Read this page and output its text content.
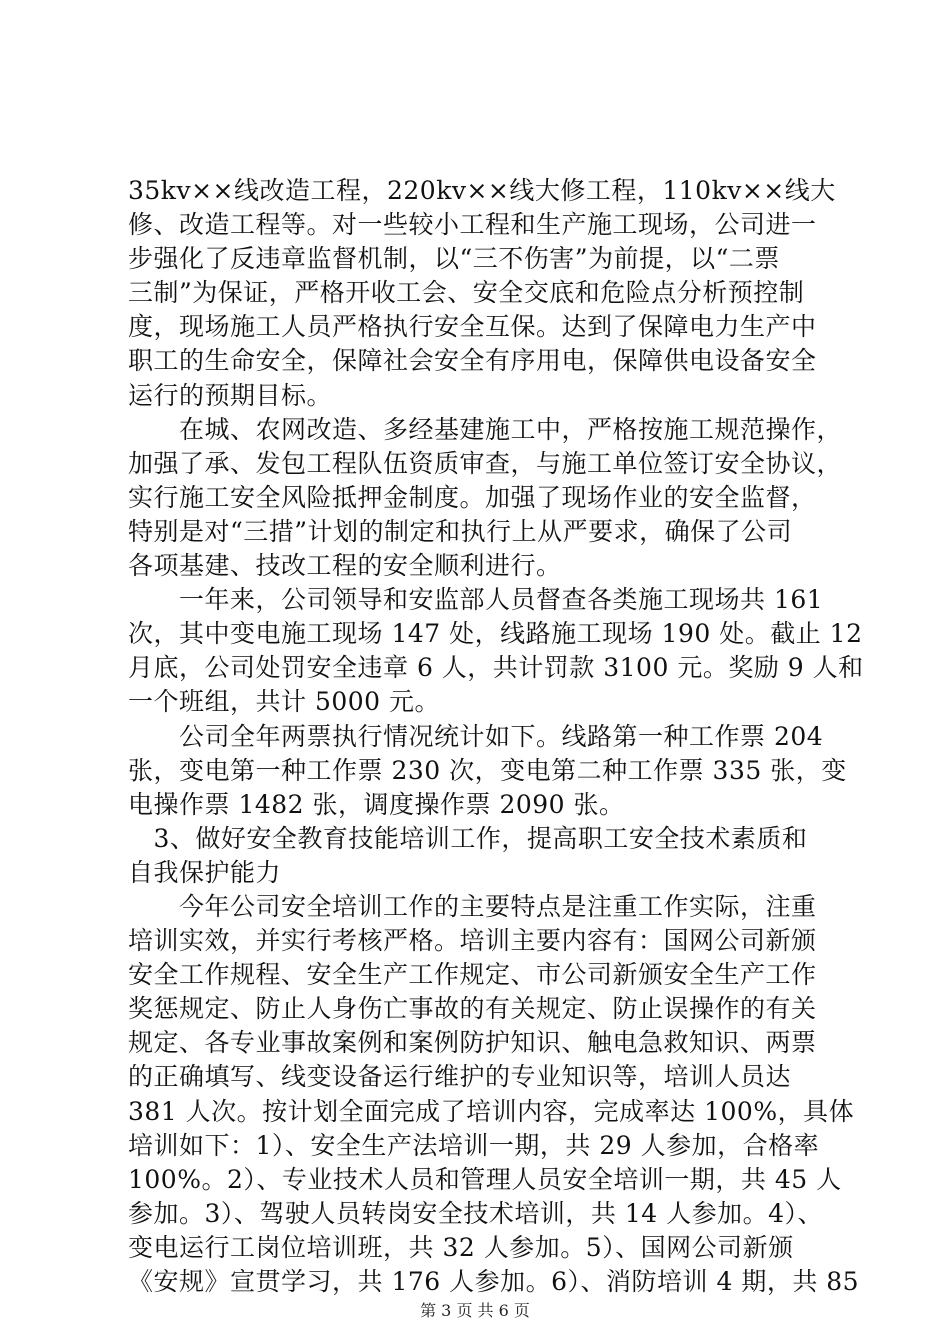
35kv××线改造工程，220kv××线大修工程，110kv××线大
修、改造工程等。对一些较小工程和生产施工现场，公司进一
步强化了反违章监督机制，以“三不伤害”为前提，以“二票
三制”为保证，严格开收工会、安全交底和危险点分析预控制
度，现场施工人员严格执行安全互保。达到了保障电力生产中
职工的生命安全，保障社会安全有序用电，保障供电设备安全
运行的预期目标。
　　在城、农网改造、多经基建施工中，严格按施工规范操作，
加强了承、发包工程队伍资质审查，与施工单位签订安全协议，
实行施工安全风险抵押金制度。加强了现场作业的安全监督，
特别是对“三措”计划的制定和执行上从严要求，确保了公司
各项基建、技改工程的安全顺利进行。
　　一年来，公司领导和安监部人员督查各类施工现场共 161
次，其中变电施工现场 147 处，线路施工现场 190 处。截止 12
月底，公司处罚安全违章 6 人，共计罚款 3100 元。奖励 9 人和
一个班组，共计 5000 元。
　　公司全年两票执行情况统计如下。线路第一种工作票 204
张，变电第一种工作票 230 次，变电第二种工作票 335 张，变
电操作票 1482 张，调度操作票 2090 张。
　3、做好安全教育技能培训工作，提高职工安全技术素质和
自我保护能力
　　今年公司安全培训工作的主要特点是注重工作实际，注重
培训实效，并实行考核严格。培训主要内容有：国网公司新颁
安全工作规程、安全生产工作规定、市公司新颁安全生产工作
奖惩规定、防止人身伤亡事故的有关规定、防止误操作的有关
规定、各专业事故案例和案例防护知识、触电急救知识、两票
的正确填写、线变设备运行维护的专业知识等，培训人员达
381 人次。按计划全面完成了培训内容，完成率达 100%，具体
培训如下：1）、安全生产法培训一期，共 29 人参加，合格率
100%。2）、专业技术人员和管理人员安全培训一期，共 45 人
参加。3）、驾驶人员转岗安全技术培训，共 14 人参加。4）、
变电运行工岗位培训班，共 32 人参加。5）、国网公司新颁
《安规》宣贯学习，共 176 人参加。6）、消防培训 4 期，共 85
第 3 页 共 6 页
